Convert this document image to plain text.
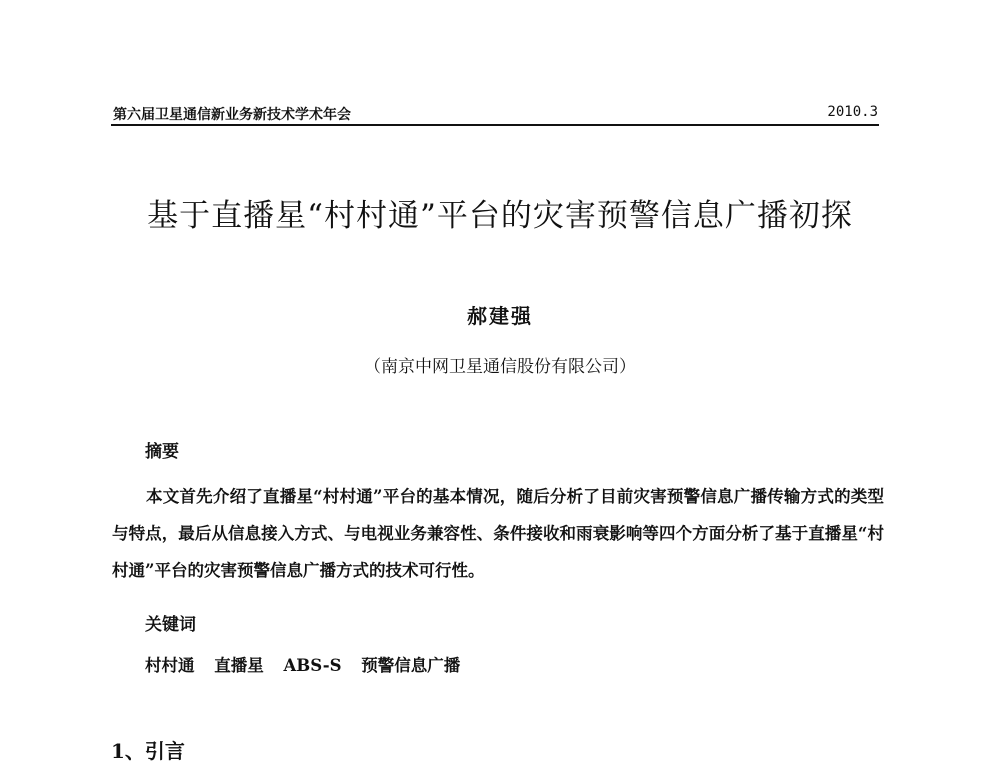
第六届卫星通信新业务新技术学术年会	2010.3
基于直播星“村村通”平台的灾害预警信息广播初探
郝建强
（南京中网卫星通信股份有限公司）
摘要

本文首先介绍了直播星“村村通”平台的基本情况，随后分析了目前灾害预警信息广播传输方式的类型与特点，最后从信息接入方式、与电视业务兼容性、条件接收和雨衰影响等四个方面分析了基于直播星“村村通”平台的灾害预警信息广播方式的技术可行性。

关键词
村村通 直播星 ABS-S 预警信息广播
1、引言
